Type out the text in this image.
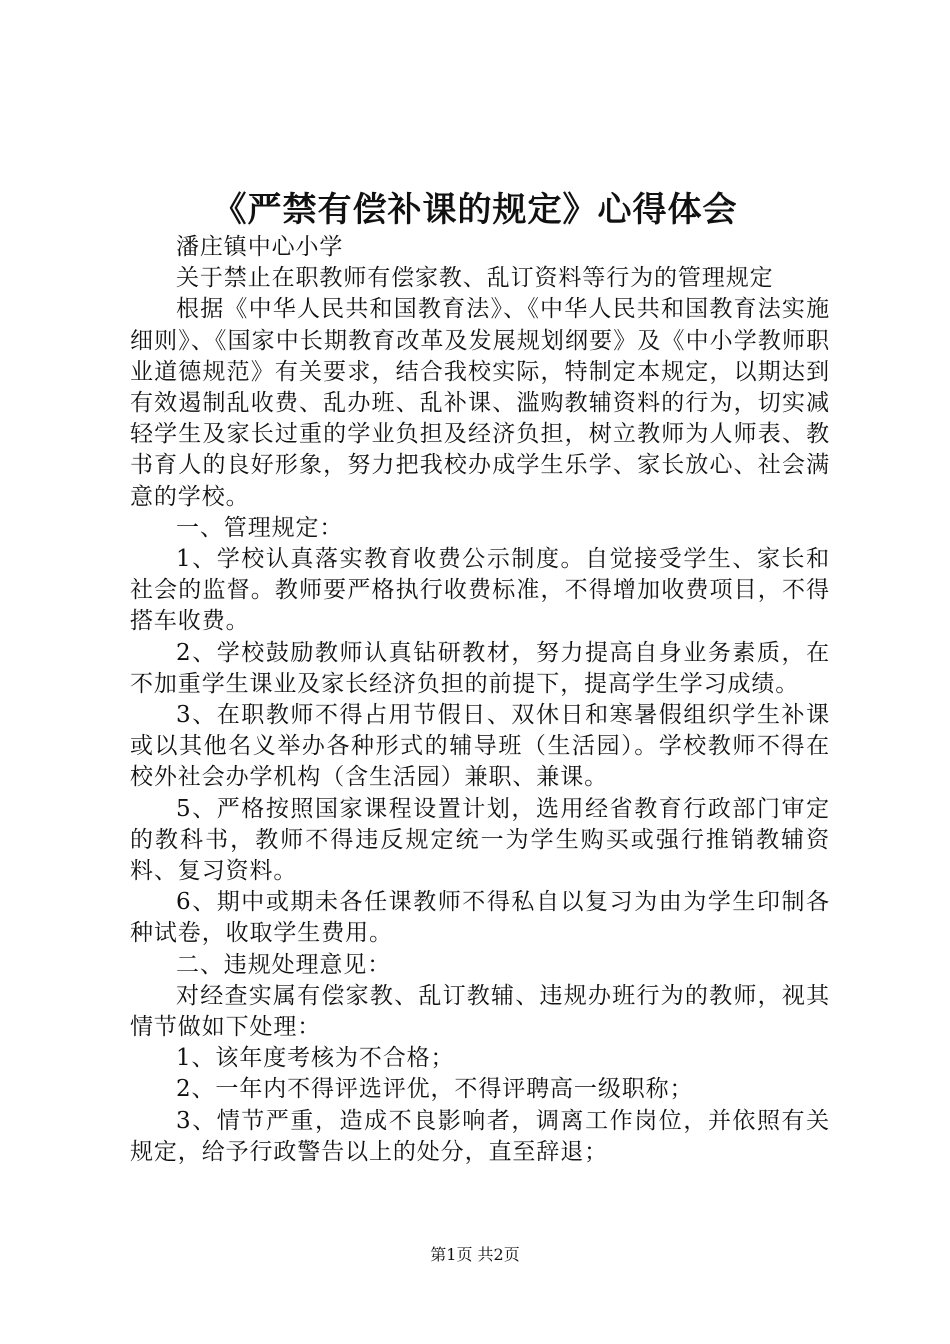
《严禁有偿补课的规定》心得体会

潘庄镇中心小学

关于禁止在职教师有偿家教、乱订资料等行为的管理规定

根据《中华人民共和国教育法》、《中华人民共和国教育法实施细则》、《国家中长期教育改革及发展规划纲要》及《中小学教师职业道德规范》有关要求，结合我校实际，特制定本规定，以期达到有效遏制乱收费、乱办班、乱补课、滥购教辅资料的行为，切实减轻学生及家长过重的学业负担及经济负担，树立教师为人师表、教书育人的良好形象，努力把我校办成学生乐学、家长放心、社会满意的学校。

一、管理规定：

1、学校认真落实教育收费公示制度。自觉接受学生、家长和社会的监督。教师要严格执行收费标准，不得增加收费项目，不得搭车收费。

2、学校鼓励教师认真钻研教材，努力提高自身业务素质，在不加重学生课业及家长经济负担的前提下，提高学生学习成绩。

3、在职教师不得占用节假日、双休日和寒暑假组织学生补课或以其他名义举办各种形式的辅导班（生活园）。学校教师不得在校外社会办学机构（含生活园）兼职、兼课。

5、严格按照国家课程设置计划，选用经省教育行政部门审定的教科书，教师不得违反规定统一为学生购买或强行推销教辅资料、复习资料。

6、期中或期未各任课教师不得私自以复习为由为学生印制各种试卷，收取学生费用。

二、违规处理意见：

对经查实属有偿家教、乱订教辅、违规办班行为的教师，视其情节做如下处理：

1、该年度考核为不合格；

2、一年内不得评选评优，不得评聘高一级职称；

3、情节严重，造成不良影响者，调离工作岗位，并依照有关规定，给予行政警告以上的处分，直至辞退；

第1页 共2页
